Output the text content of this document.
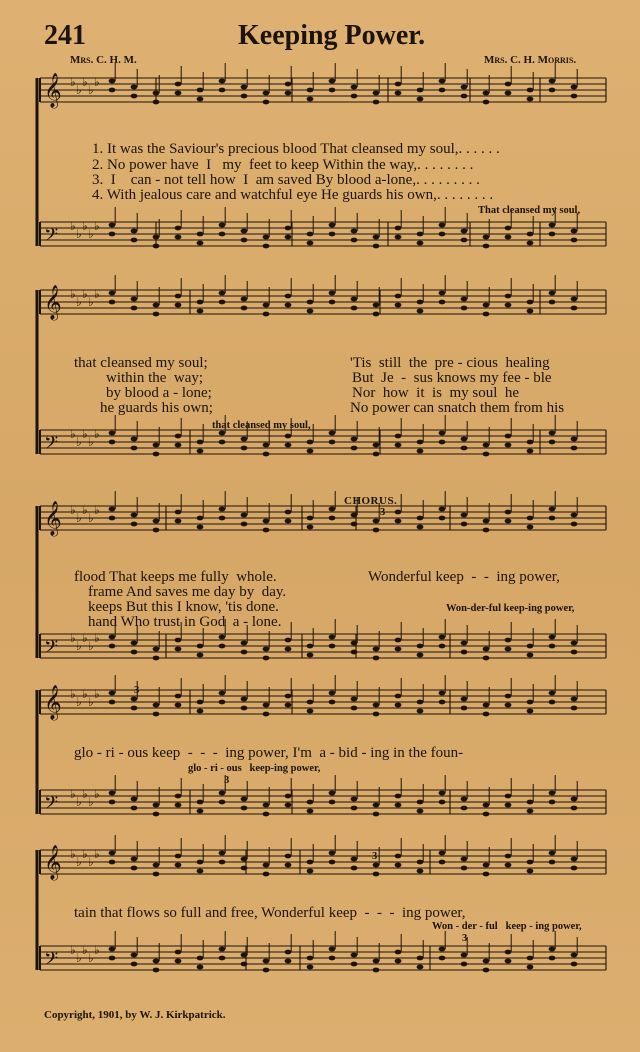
241	Keeping Power.
Mrs. C. H. M.	Mrs. C. H. Morris.
𝄞 ♭
♭
♭
♭
♭
𝄢 ♭
♭
♭
♭
♭
𝄞 ♭
♭
♭
♭
♭
𝄢 ♭
♭
♭
♭
♭
𝄞 ♭
♭
♭
♭
♭
𝄢 ♭
♭
♭
♭
♭
𝄞 ♭
♭
♭
♭
♭
𝄢 ♭
♭
♭
♭
♭
𝄞 ♭
♭
♭
♭
♭
𝄢 ♭
♭
♭
♭
♭
1. It was the Saviour's precious blood That cleansed my soul,. . . . . .
2. No power have  I   my  feet to keep Within the way,. . . . . . . .
3.  I    can - not tell how  I  am saved By blood a-lone,. . . . . . . . .
4. With jealous care and watchful eye He guards his own,. . . . . . . .
That cleansed my soul,
that cleansed my soul;
within the  way;
by blood a - lone;
he guards his own;
'Tis  still  the  pre - cious  healing
But  Je  -  sus knows my fee - ble
Nor  how  it  is  my soul  he
No power can snatch them from his
that cleansed my soul,
CHORUS.
3
flood That keeps me fully  whole.
frame And saves me day by  day.
keeps But this I know, 'tis done.
hand Who trust in God  a - lone.
Wonderful keep  -  -  ing power,
Won-der-ful keep-ing power,
3
glo - ri - ous keep  -  -  -  ing power, I'm  a - bid - ing in the foun-
glo - ri - ous   keep-ing power,
3
3
tain that flows so full and free, Wonderful keep  -  -  -  ing power,
Won - der - ful   keep - ing power,
3
Copyright, 1901, by W. J. Kirkpatrick.
